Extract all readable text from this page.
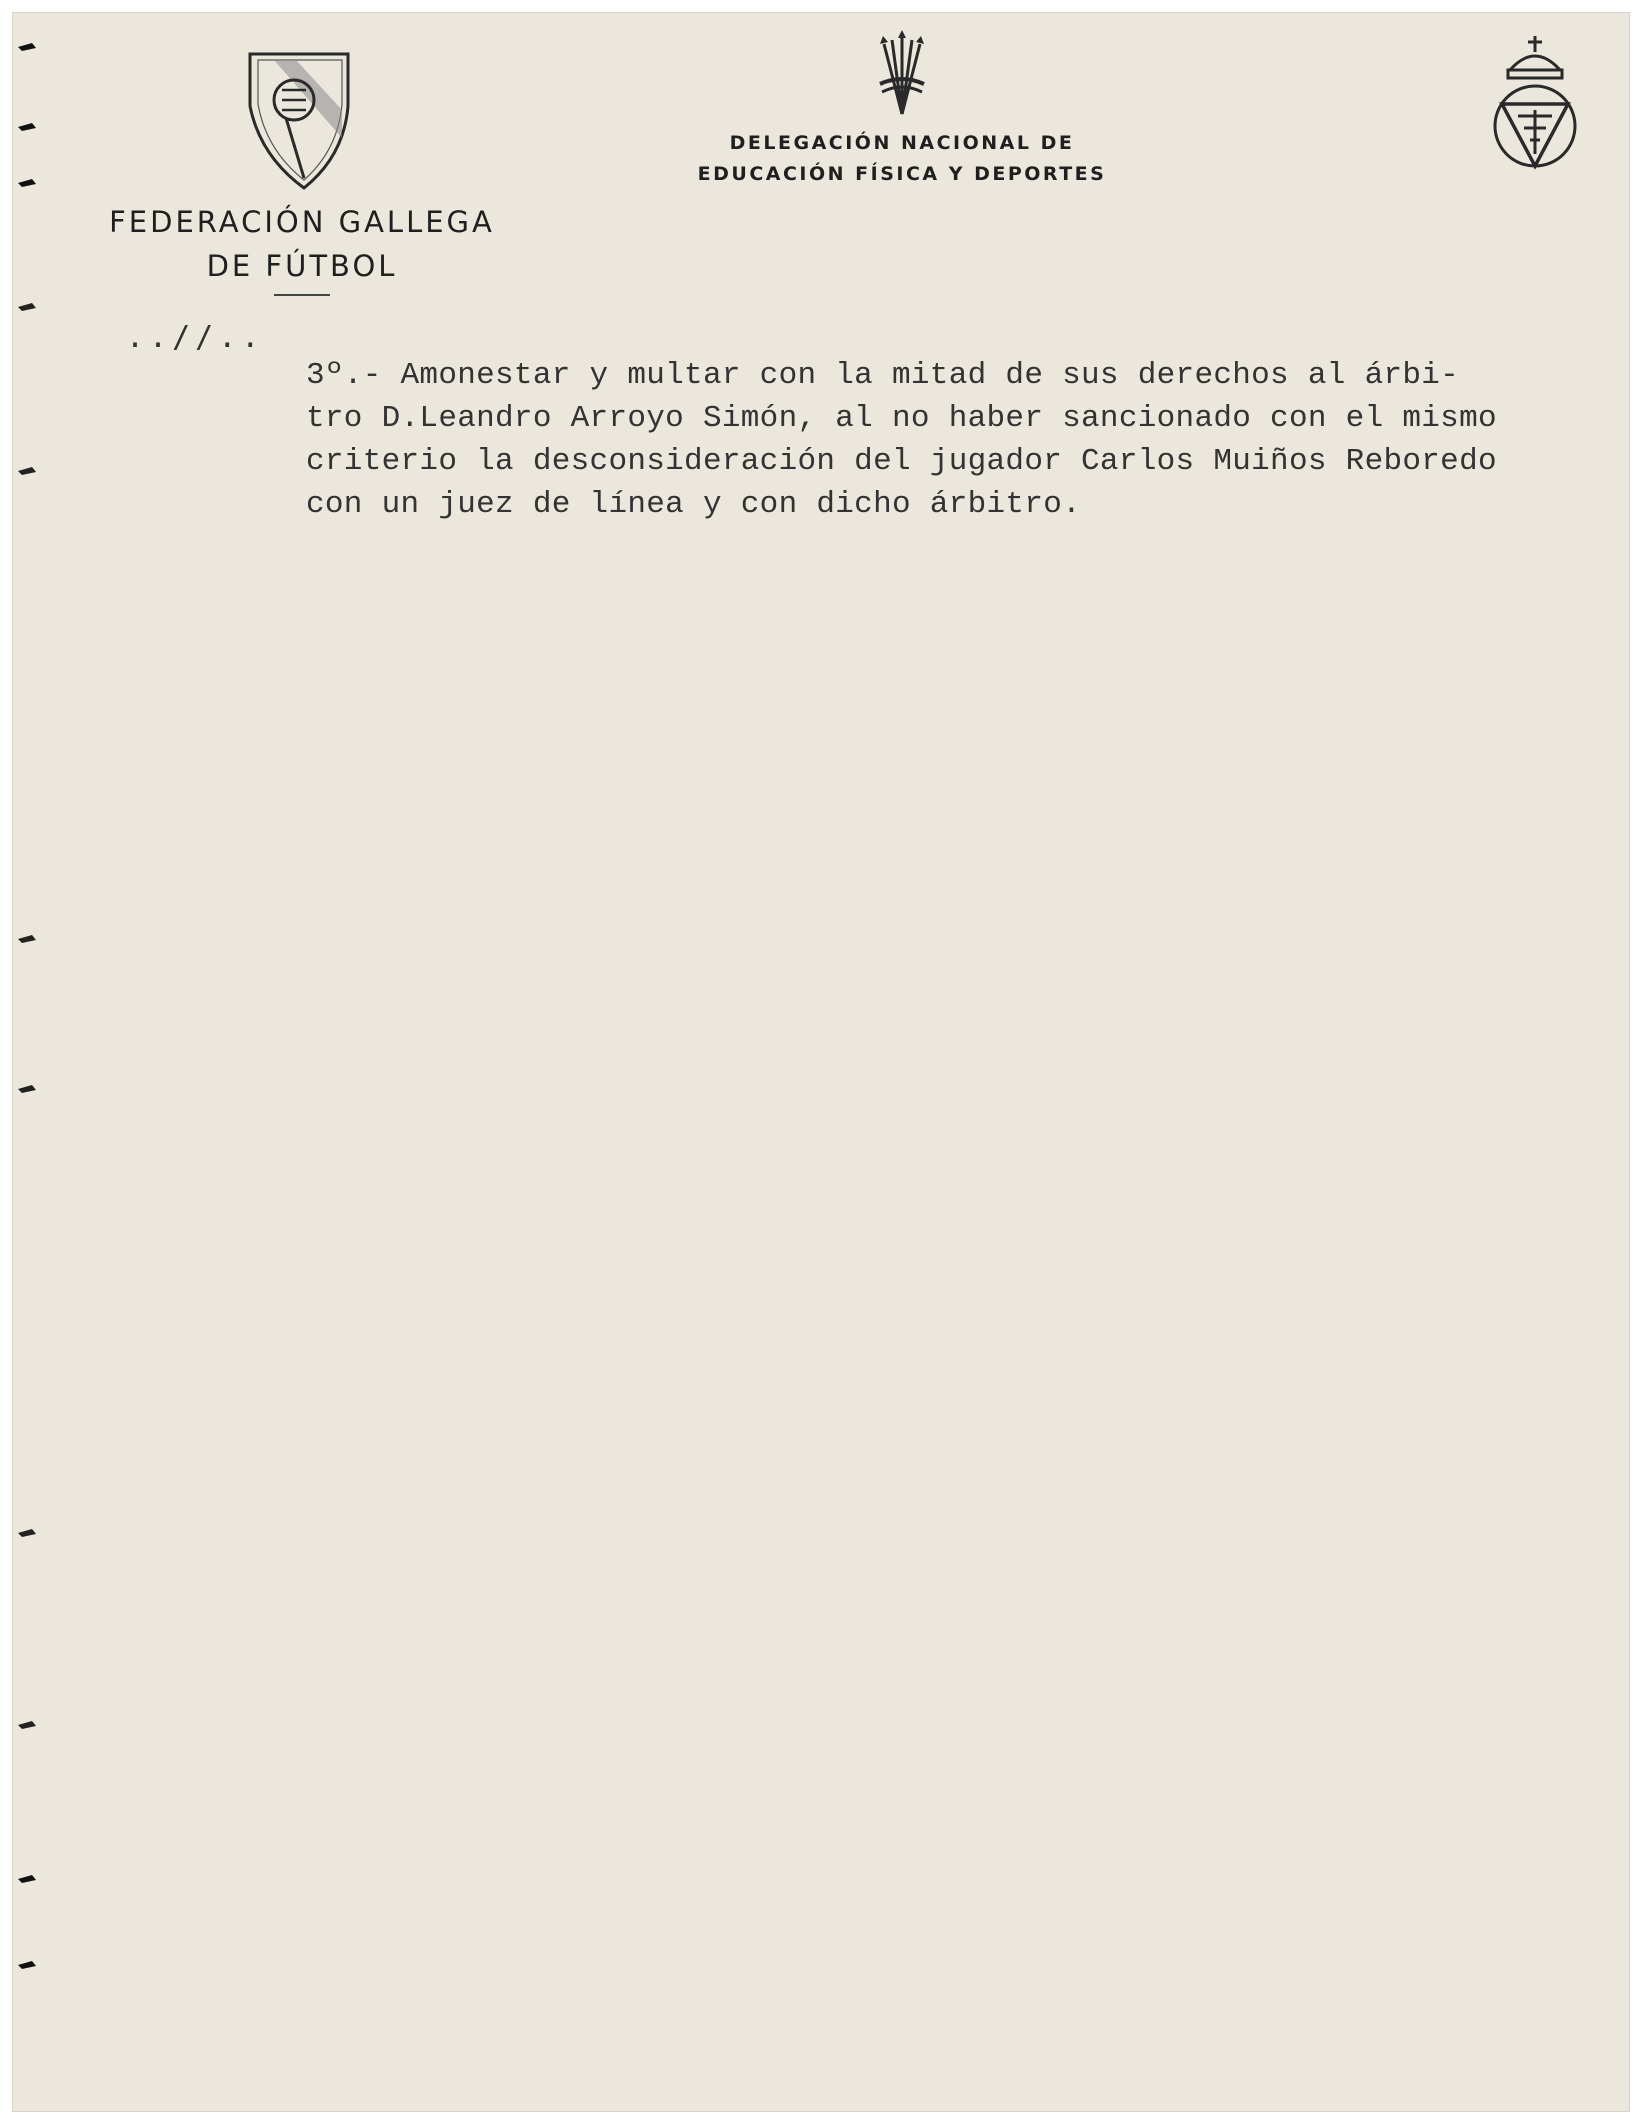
FEDERACIÓN GALLEGA
DE FÚTBOL
DELEGACIÓN NACIONAL DE
EDUCACIÓN FÍSICA Y DEPORTES
..//..
3º.- Amonestar y multar con la mitad de sus derechos al árbi-
tro D.Leandro Arroyo Simón, al no haber sancionado con el mismo
criterio la desconsideración del jugador Carlos Muiños Reboredo
con un juez de línea y con dicho árbitro.
